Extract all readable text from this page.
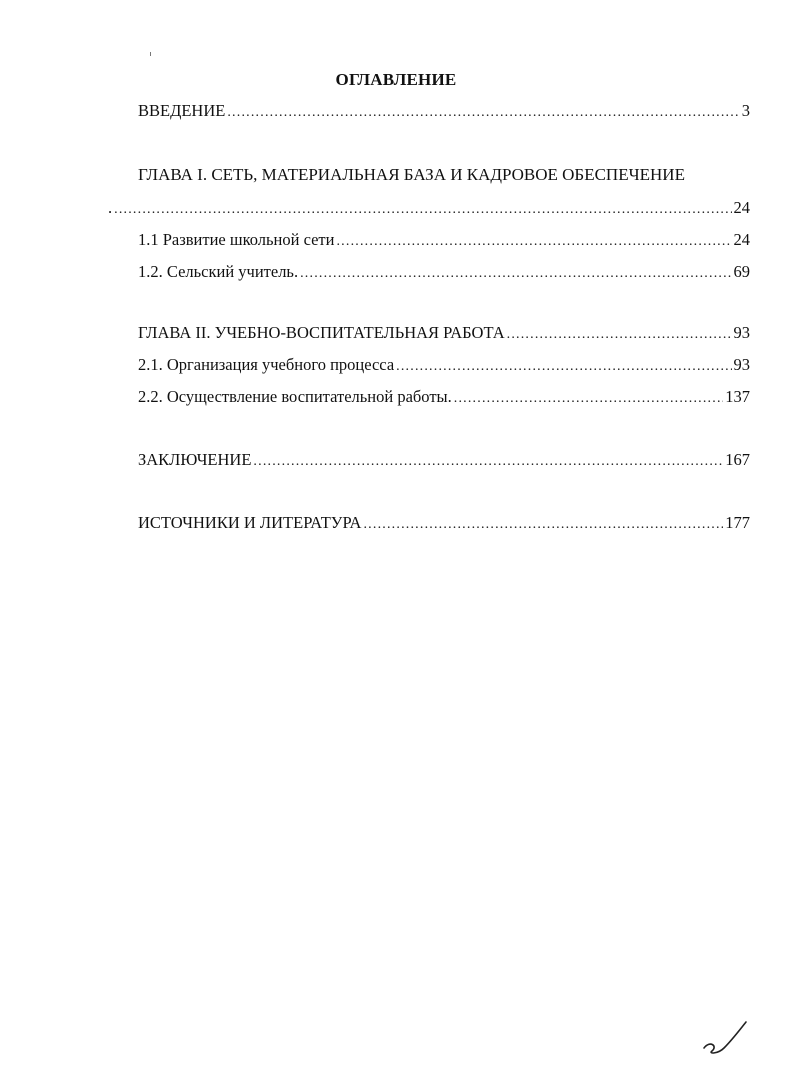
ОГЛАВЛЕНИЕ
ВВЕДЕНИЕ .....	3
ГЛАВА I. СЕТЬ, МАТЕРИАЛЬНАЯ БАЗА И КАДРОВОЕ ОБЕСПЕЧЕНИЕ
. .....	24
1.1 Развитие школьной сети .....	24
1.2. Сельский учитель. .....	69
ГЛАВА II. УЧЕБНО-ВОСПИТАТЕЛЬНАЯ РАБОТА .....	93
2.1. Организация учебного процесса .....	93
2.2. Осуществление воспитательной работы. .....	137
ЗАКЛЮЧЕНИЕ .....	167
ИСТОЧНИКИ И ЛИТЕРАТУРА .....	177
